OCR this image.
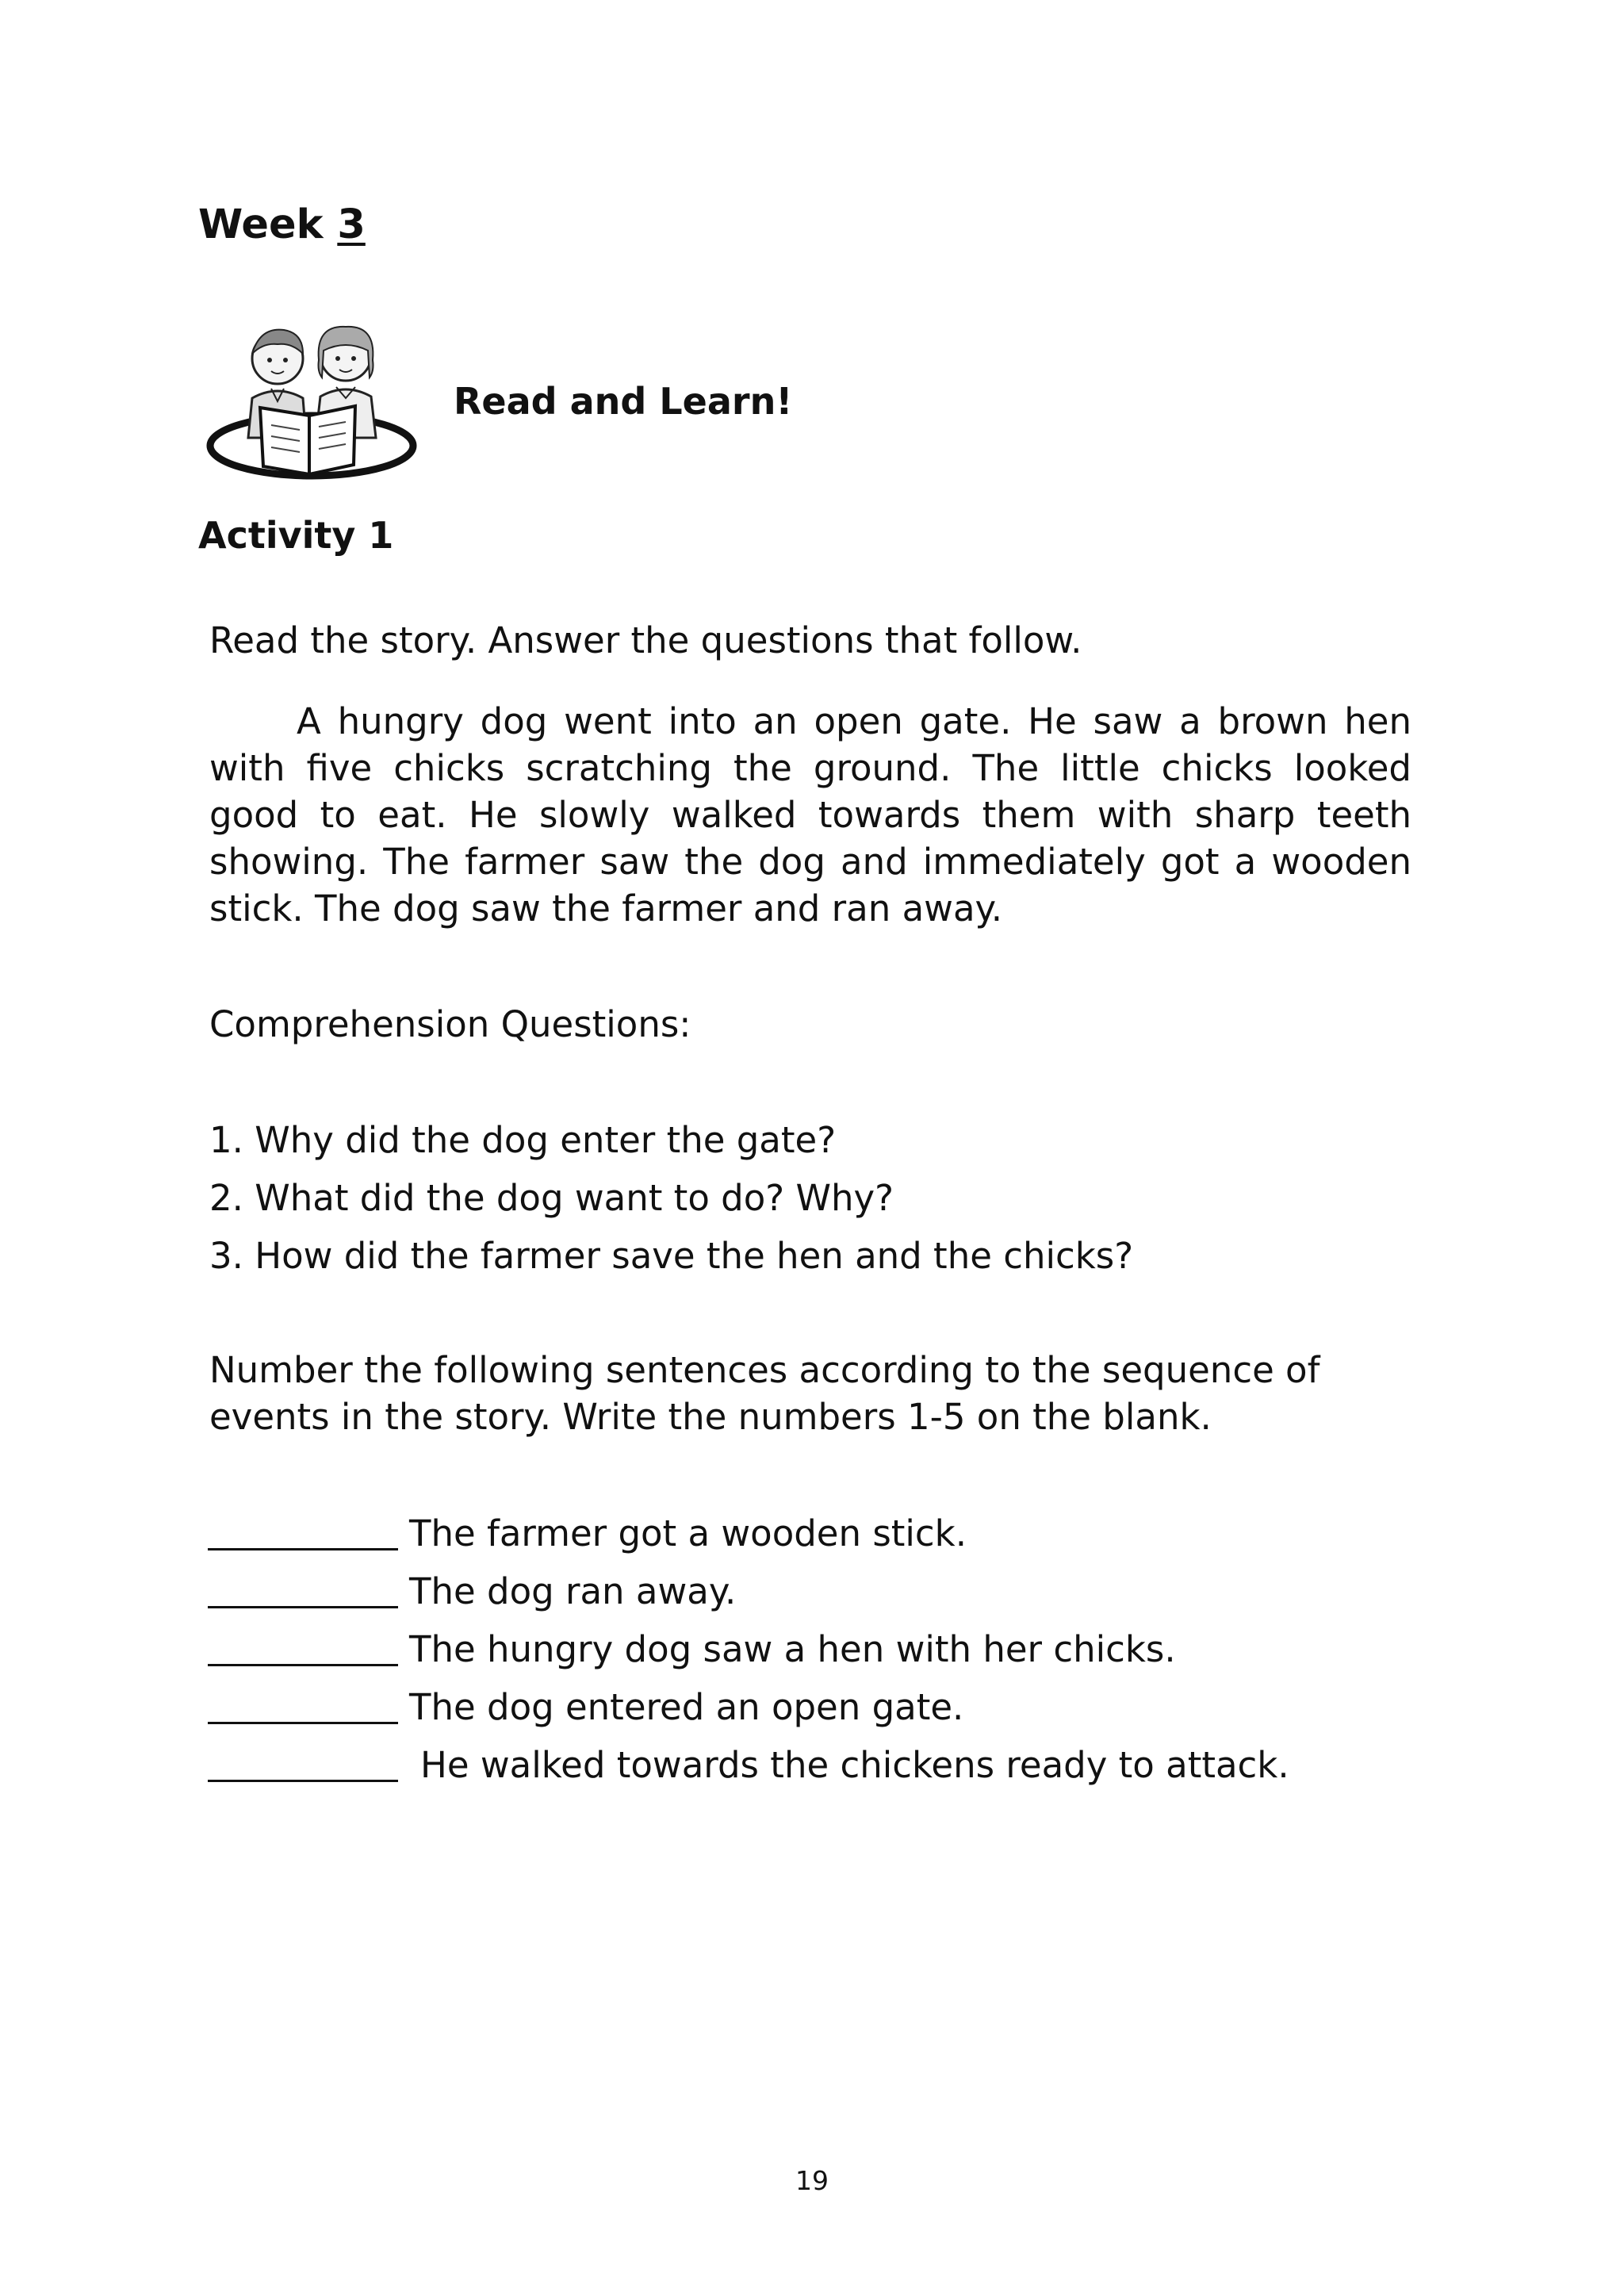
Week 3
Read and Learn!
Activity 1
Read the story. Answer the questions that follow.

A hungry dog went into an open gate. He saw a brown hen with five chicks scratching the ground. The little chicks looked good to eat. He slowly walked towards them with sharp teeth showing. The farmer saw the dog and immediately got a wooden stick. The dog saw the farmer and ran away.

Comprehension Questions:
1. Why did the dog enter the gate?
2. What did the dog want to do? Why?
3. How did the farmer save the hen and the chicks?

Number the following sentences according to the sequence of events in the story. Write the numbers 1-5 on the blank.

The farmer got a wooden stick.
The dog ran away.
The hungry dog saw a hen with her chicks.
The dog entered an open gate.
He walked towards the chickens ready to attack.
19
